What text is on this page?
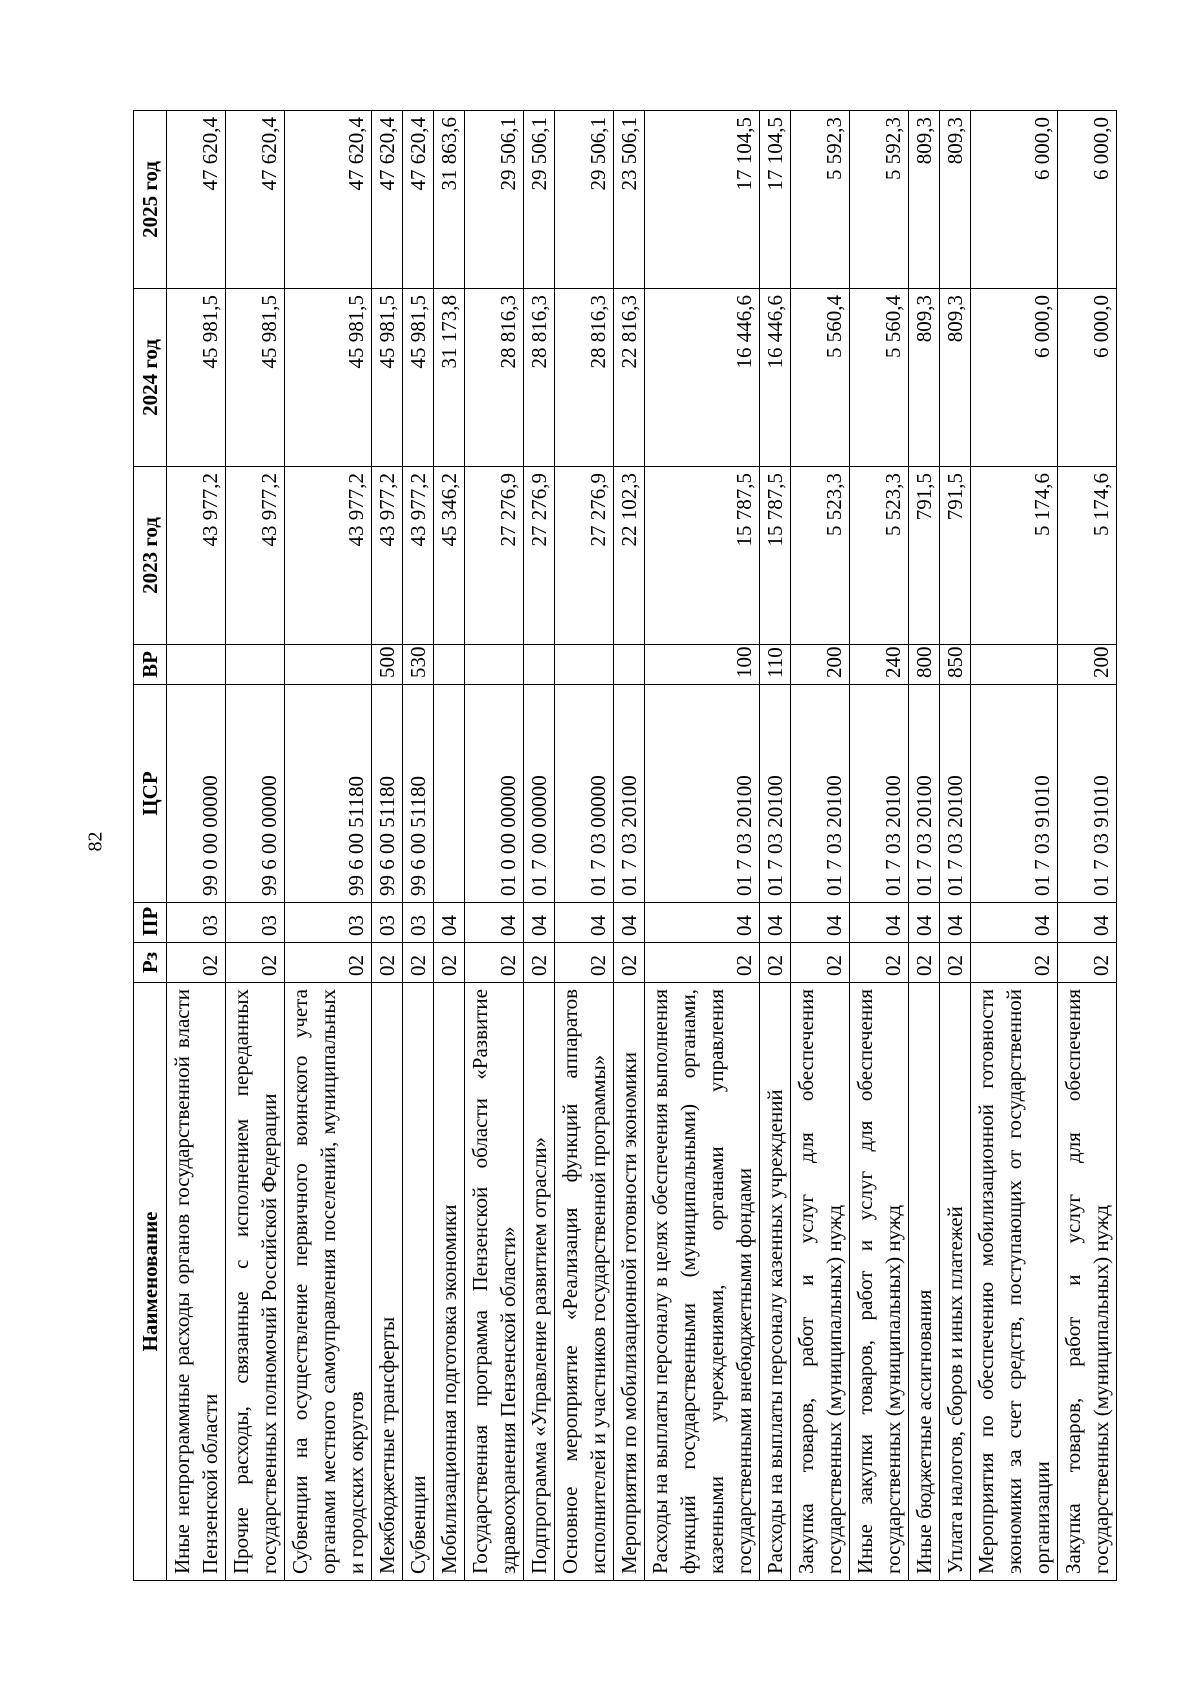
82
Наименование	Рз	ПР	ЦСР	ВР	2023 год	2024 год	2025 год
Иные непрограммные расходы органов государственной власти Пензенской области	02	03	99 0 00 00000		43 977,2	45 981,5	47 620,4
Прочие расходы, связанные с исполнением переданных государственных полномочий Российской Федерации	02	03	99 6 00 00000		43 977,2	45 981,5	47 620,4
Субвенции на осуществление первичного воинского учета органами местного самоуправления поселений, муниципальных и городских округов	02	03	99 6 00 51180		43 977,2	45 981,5	47 620,4
Межбюджетные трансферты	02	03	99 6 00 51180	500	43 977,2	45 981,5	47 620,4
Субвенции	02	03	99 6 00 51180	530	43 977,2	45 981,5	47 620,4
Мобилизационная подготовка экономики	02	04			45 346,2	31 173,8	31 863,6
Государственная программа Пензенской области «Развитие здравоохранения Пензенской области»	02	04	01 0 00 00000		27 276,9	28 816,3	29 506,1
Подпрограмма «Управление развитием отрасли»	02	04	01 7 00 00000		27 276,9	28 816,3	29 506,1
Основное мероприятие «Реализация функций аппаратов исполнителей и участников государственной программы»	02	04	01 7 03 00000		27 276,9	28 816,3	29 506,1
Мероприятия по мобилизационной готовности экономики	02	04	01 7 03 20100		22 102,3	22 816,3	23 506,1
Расходы на выплаты персоналу в целях обеспечения выполнения функций государственными (муниципальными) органами, казенными учреждениями, органами управления государственными внебюджетными фондами	02	04	01 7 03 20100	100	15 787,5	16 446,6	17 104,5
Расходы на выплаты персоналу казенных учреждений	02	04	01 7 03 20100	110	15 787,5	16 446,6	17 104,5
Закупка товаров, работ и услуг для обеспечения государственных (муниципальных) нужд	02	04	01 7 03 20100	200	5 523,3	5 560,4	5 592,3
Иные закупки товаров, работ и услуг для обеспечения государственных (муниципальных) нужд	02	04	01 7 03 20100	240	5 523,3	5 560,4	5 592,3
Иные бюджетные ассигнования	02	04	01 7 03 20100	800	791,5	809,3	809,3
Уплата налогов, сборов и иных платежей	02	04	01 7 03 20100	850	791,5	809,3	809,3
Мероприятия по обеспечению мобилизационной готовности экономики за счет средств, поступающих от государственной организации	02	04	01 7 03 91010		5 174,6	6 000,0	6 000,0
Закупка товаров, работ и услуг для обеспечения государственных (муниципальных) нужд	02	04	01 7 03 91010	200	5 174,6	6 000,0	6 000,0
